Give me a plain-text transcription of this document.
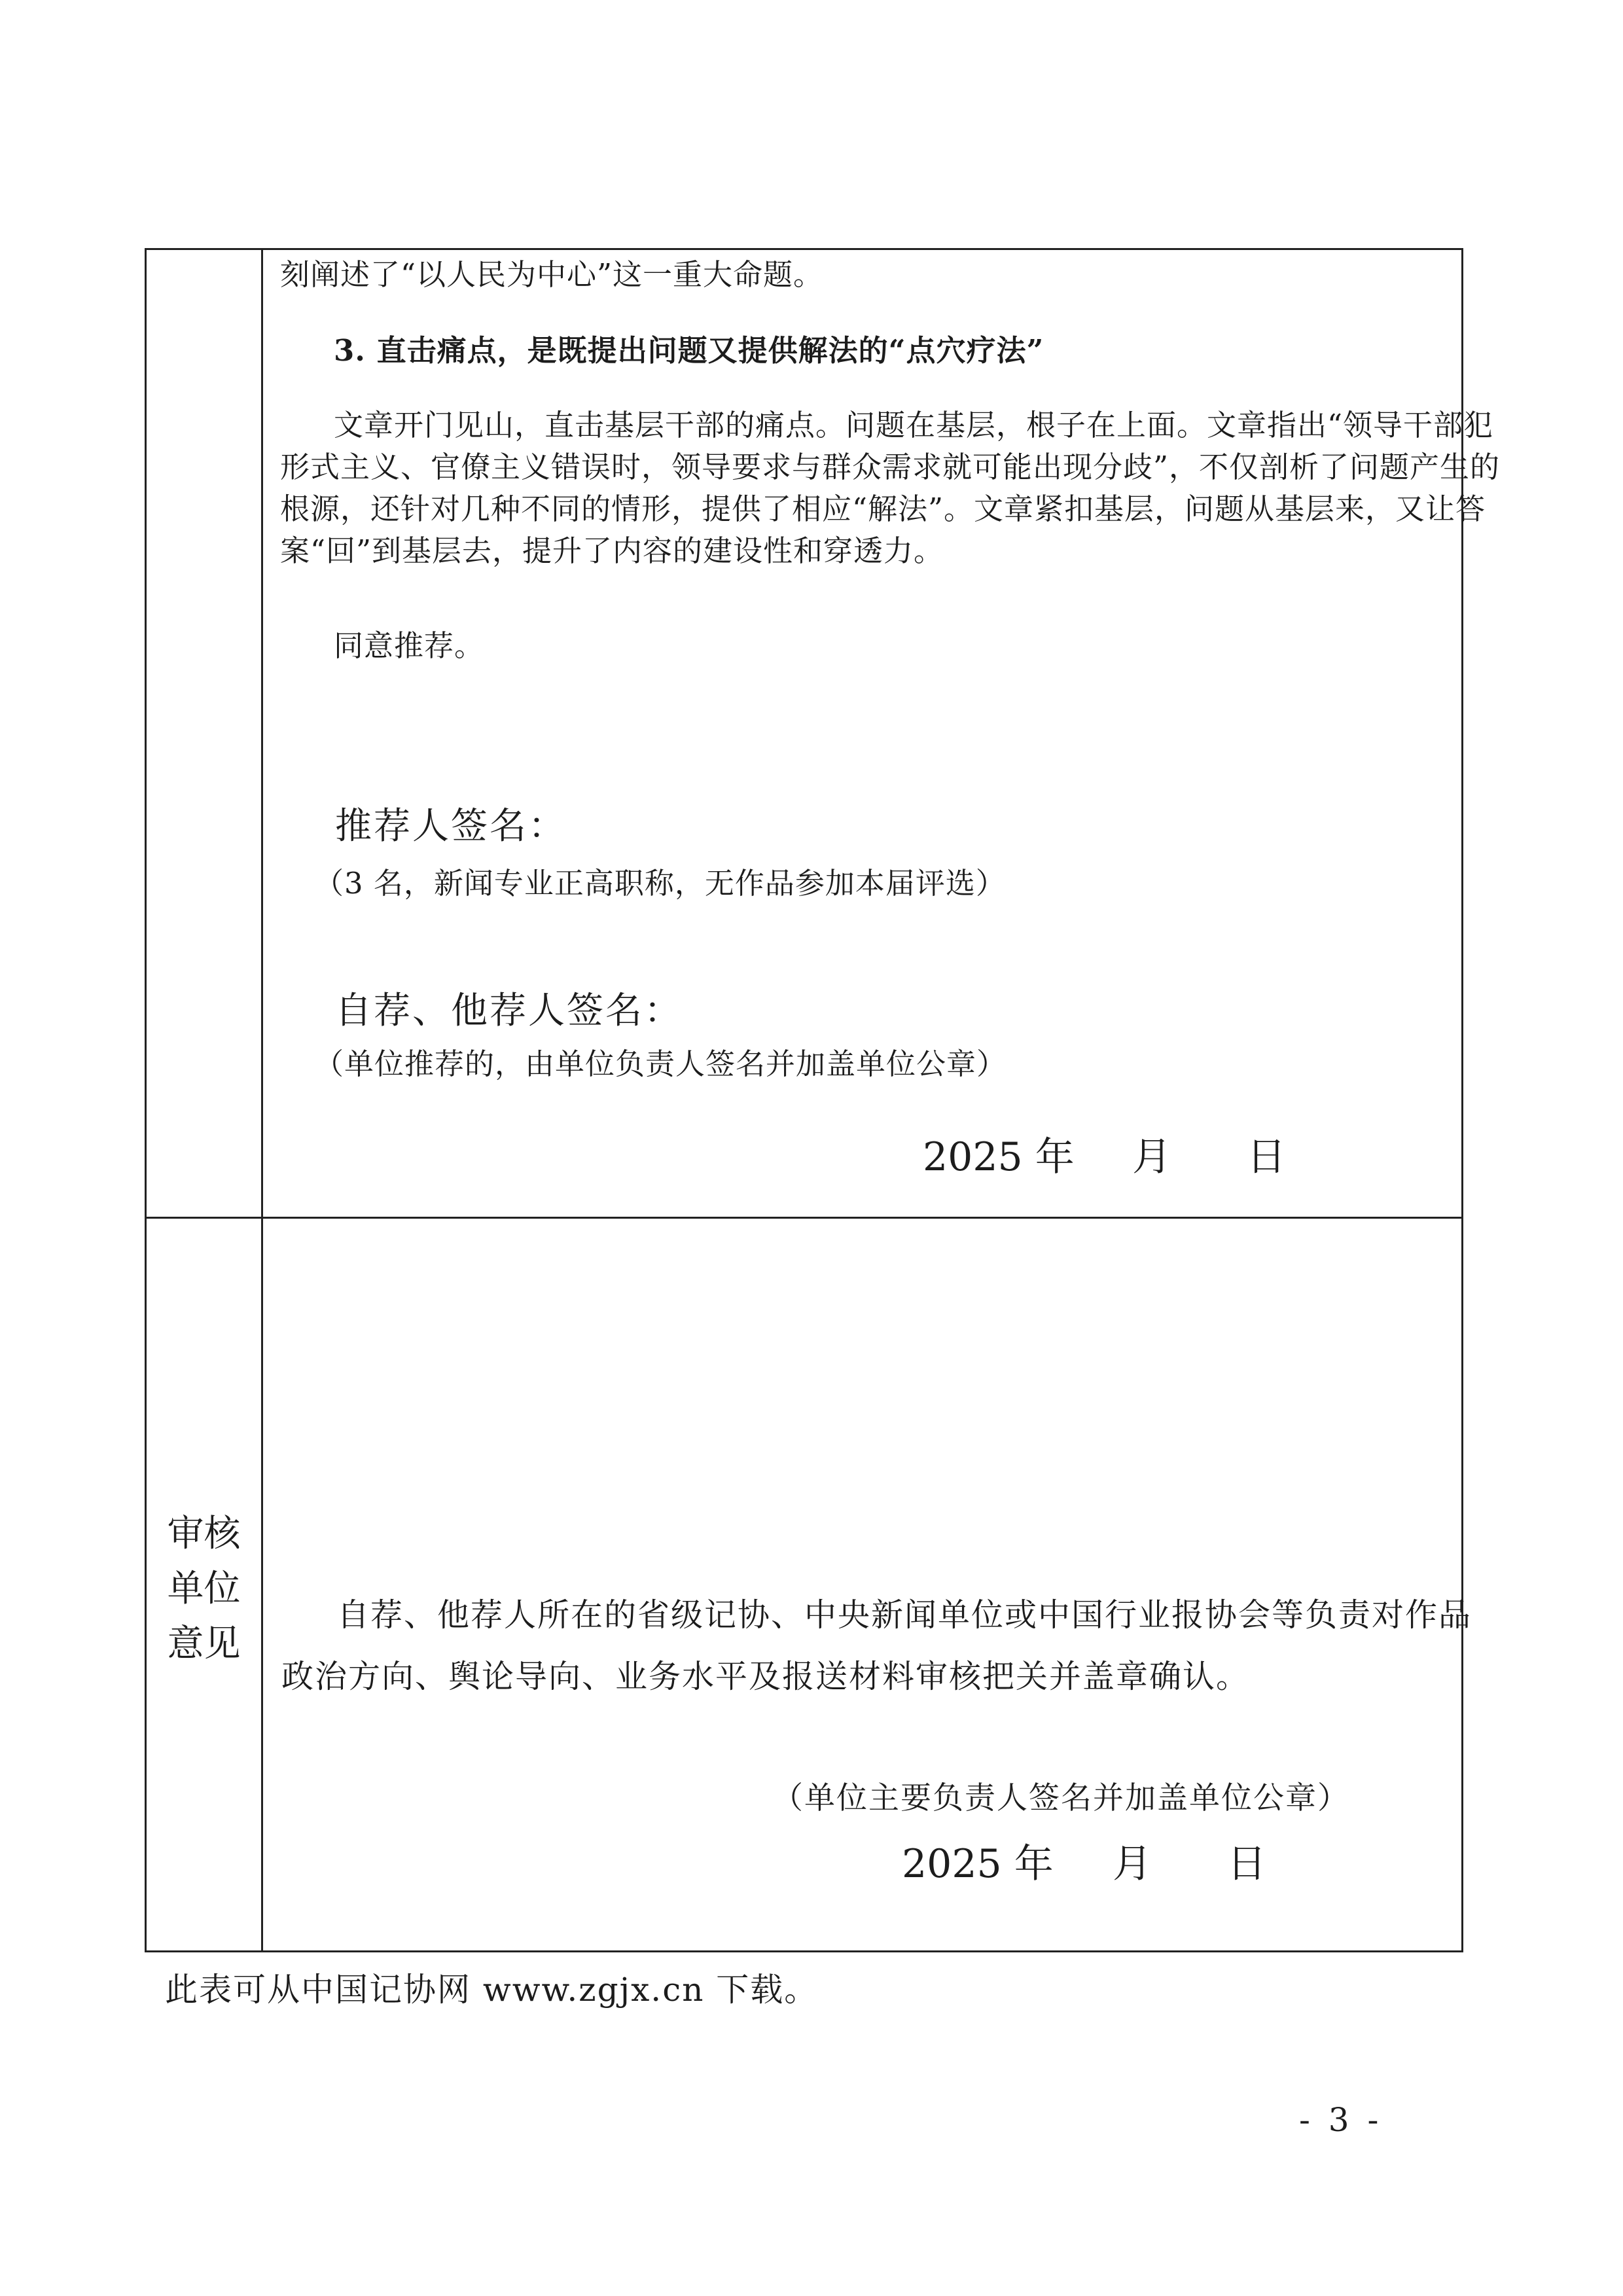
审核
单位
意见
刻阐述了“以人民为中心”这一重大命题。
3. 直击痛点，是既提出问题又提供解法的“点穴疗法”
文章开门见山，直击基层干部的痛点。问题在基层，根子在上面。文章指出“领导干部犯
形式主义、官僚主义错误时，领导要求与群众需求就可能出现分歧”，不仅剖析了问题产生的
根源，还针对几种不同的情形，提供了相应“解法”。文章紧扣基层，问题从基层来，又让答
案“回”到基层去，提升了内容的建设性和穿透力。
同意推荐。
推荐人签名：
（3 名，新闻专业正高职称，无作品参加本届评选）
自荐、他荐人签名：
（单位推荐的，由单位负责人签名并加盖单位公章）
2025 年 月 日
自荐、他荐人所在的省级记协、中央新闻单位或中国行业报协会等负责对作品
政治方向、舆论导向、业务水平及报送材料审核把关并盖章确认。
（单位主要负责人签名并加盖单位公章）
2025 年 月 日
此表可从中国记协网 www.zgjx.cn 下载。
- 3 -
